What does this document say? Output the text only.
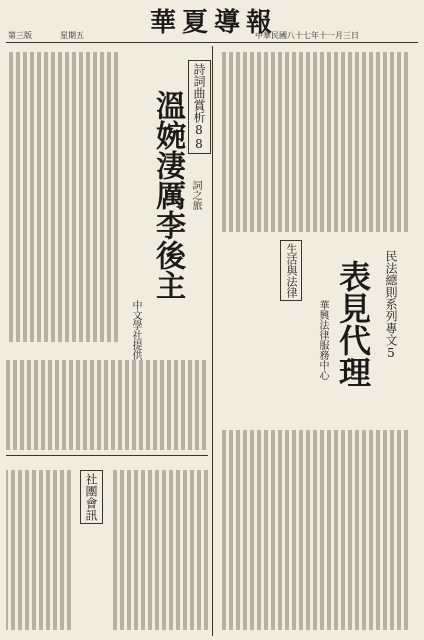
華夏導報
中華民國八十七年十一月三日
星期五
第三版
民法總則系列專文5
表見代理
華興法律服務中心
生活與法律
詩詞曲賞析88
詞之旅
溫婉淒厲李後主
中文學社提供
社團會訊
